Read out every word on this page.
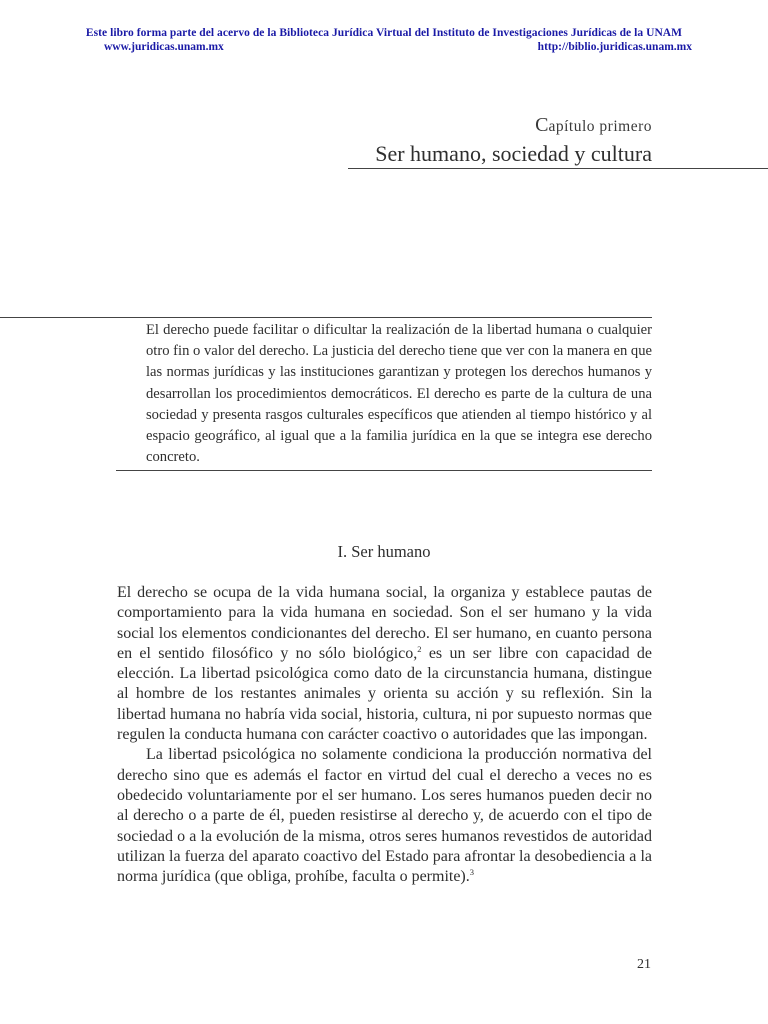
Este libro forma parte del acervo de la Biblioteca Jurídica Virtual del Instituto de Investigaciones Jurídicas de la UNAM
www.juridicas.unam.mx	http://biblio.juridicas.unam.mx
Capítulo primero
Ser humano, sociedad y cultura
El derecho puede facilitar o dificultar la realización de la libertad humana o cualquier otro fin o valor del derecho. La justicia del derecho tiene que ver con la manera en que las normas jurídicas y las instituciones garantizan y protegen los derechos humanos y desarrollan los procedimientos democráticos. El derecho es parte de la cultura de una sociedad y presenta rasgos culturales específicos que atienden al tiempo histórico y al espacio geográfico, al igual que a la familia jurídica en la que se integra ese derecho concreto.
I. Ser humano

El derecho se ocupa de la vida humana social, la organiza y establece pautas de comportamiento para la vida humana en sociedad. Son el ser humano y la vida social los elementos condicionantes del derecho. El ser humano, en cuanto persona en el sentido filosófico y no sólo biológico,$^2$ es un ser libre con capacidad de elección. La libertad psicológica como dato de la circunstancia humana, distingue al hombre de los restantes animales y orienta su acción y su reflexión. Sin la libertad humana no habría vida social, historia, cultura, ni por supuesto normas que regulen la conducta humana con carácter coactivo o autoridades que las impongan.

La libertad psicológica no solamente condiciona la producción normativa del derecho sino que es además el factor en virtud del cual el derecho a veces no es obedecido voluntariamente por el ser humano. Los seres humanos pueden decir no al derecho o a parte de él, pueden resistirse al derecho y, de acuerdo con el tipo de sociedad o a la evolución de la misma, otros seres humanos revestidos de autoridad utilizan la fuerza del aparato coactivo del Estado para afrontar la desobediencia a la norma jurídica (que obliga, prohíbe, faculta o permite).$^3$

21
